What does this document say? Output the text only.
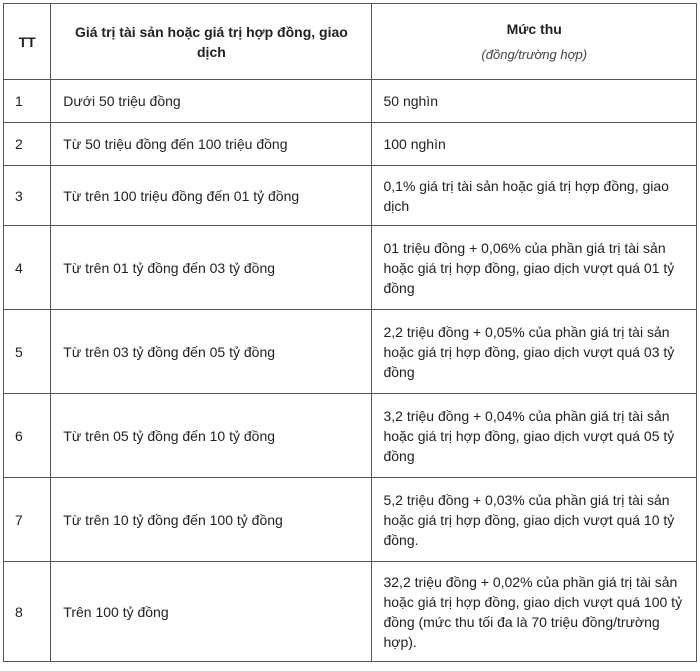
TT	Giá trị tài sản hoặc giá trị hợp đồng, giao dịch	Mức thu
(đồng/trường hợp)

1	Dưới 50 triệu đồng	50 nghìn
2	Từ 50 triệu đồng đến 100 triệu đồng	100 nghìn
3	Từ trên 100 triệu đồng đến 01 tỷ đồng	0,1% giá trị tài sản hoặc giá trị hợp đồng, giao dịch
4	Từ trên 01 tỷ đồng đến 03 tỷ đồng	01 triệu đồng + 0,06% của phần giá trị tài sản hoặc giá trị hợp đồng, giao dịch vượt quá 01 tỷ đồng
5	Từ trên 03 tỷ đồng đến 05 tỷ đồng	2,2 triệu đồng + 0,05% của phần giá trị tài sản hoặc giá trị hợp đồng, giao dịch vượt quá 03 tỷ đồng
6	Từ trên 05 tỷ đồng đến 10 tỷ đồng	3,2 triệu đồng + 0,04% của phần giá trị tài sản hoặc giá trị hợp đồng, giao dịch vượt quá 05 tỷ đồng
7	Từ trên 10 tỷ đồng đến 100 tỷ đồng	5,2 triệu đồng + 0,03% của phần giá trị tài sản hoặc giá trị hợp đồng, giao dịch vượt quá 10 tỷ đồng.
8	Trên 100 tỷ đồng	32,2 triệu đồng + 0,02% của phần giá trị tài sản hoặc giá trị hợp đồng, giao dịch vượt quá 100 tỷ đồng (mức thu tối đa là 70 triệu đồng/trường hợp).
